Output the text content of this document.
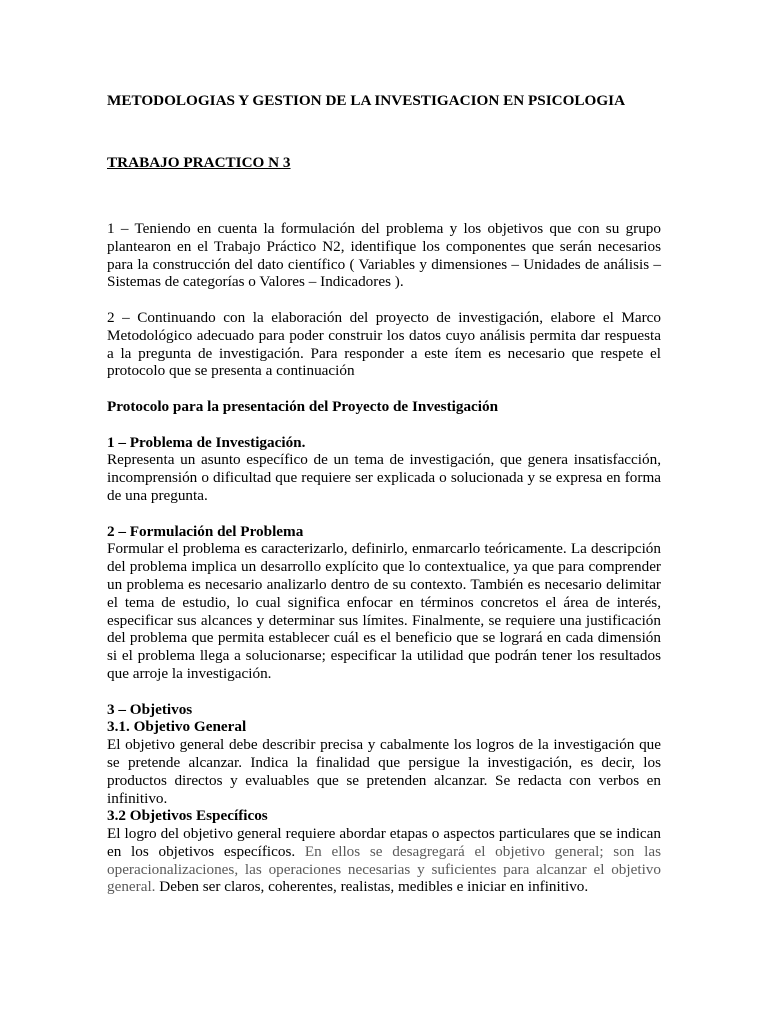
METODOLOGIAS Y GESTION DE LA INVESTIGACION EN PSICOLOGIA
TRABAJO PRACTICO N 3

1 – Teniendo en cuenta la formulación del problema y los objetivos que con su grupo plantearon en el Trabajo Práctico N2, identifique los componentes que serán necesarios para la construcción del dato científico ( Variables y dimensiones – Unidades de análisis – Sistemas de categorías o Valores – Indicadores ).

2 – Continuando con la elaboración del proyecto de investigación, elabore el Marco Metodológico adecuado para poder construir los datos cuyo análisis permita dar respuesta a la pregunta de investigación. Para responder a este ítem es necesario que respete el protocolo que se presenta a continuación

Protocolo para la presentación del Proyecto de Investigación

1 – Problema de Investigación.

Representa un asunto específico de un tema de investigación, que genera insatisfacción, incomprensión o dificultad que requiere ser explicada o solucionada y se expresa en forma de una pregunta.

2 – Formulación del Problema

Formular el problema es caracterizarlo, definirlo, enmarcarlo teóricamente. La descripción del problema implica un desarrollo explícito que lo contextualice, ya que para comprender un problema es necesario analizarlo dentro de su contexto. También es necesario delimitar el tema de estudio, lo cual significa enfocar en términos concretos el área de interés, especificar sus alcances y determinar sus límites. Finalmente, se requiere una justificación del problema que permita establecer cuál es el beneficio que se logrará en cada dimensión si el problema llega a solucionarse; especificar la utilidad que podrán tener los resultados que arroje la investigación.

3 – Objetivos
3.1. Objetivo General

El objetivo general debe describir precisa y cabalmente los logros de la investigación que se pretende alcanzar. Indica la finalidad que persigue la investigación, es decir, los productos directos y evaluables que se pretenden alcanzar. Se redacta con verbos en infinitivo.

3.2 Objetivos Específicos

El logro del objetivo general requiere abordar etapas o aspectos particulares que se indican en los objetivos específicos. En ellos se desagregará el objetivo general; son las operacionalizaciones, las operaciones necesarias y suficientes para alcanzar el objetivo general. Deben ser claros, coherentes, realistas, medibles e iniciar en infinitivo.
